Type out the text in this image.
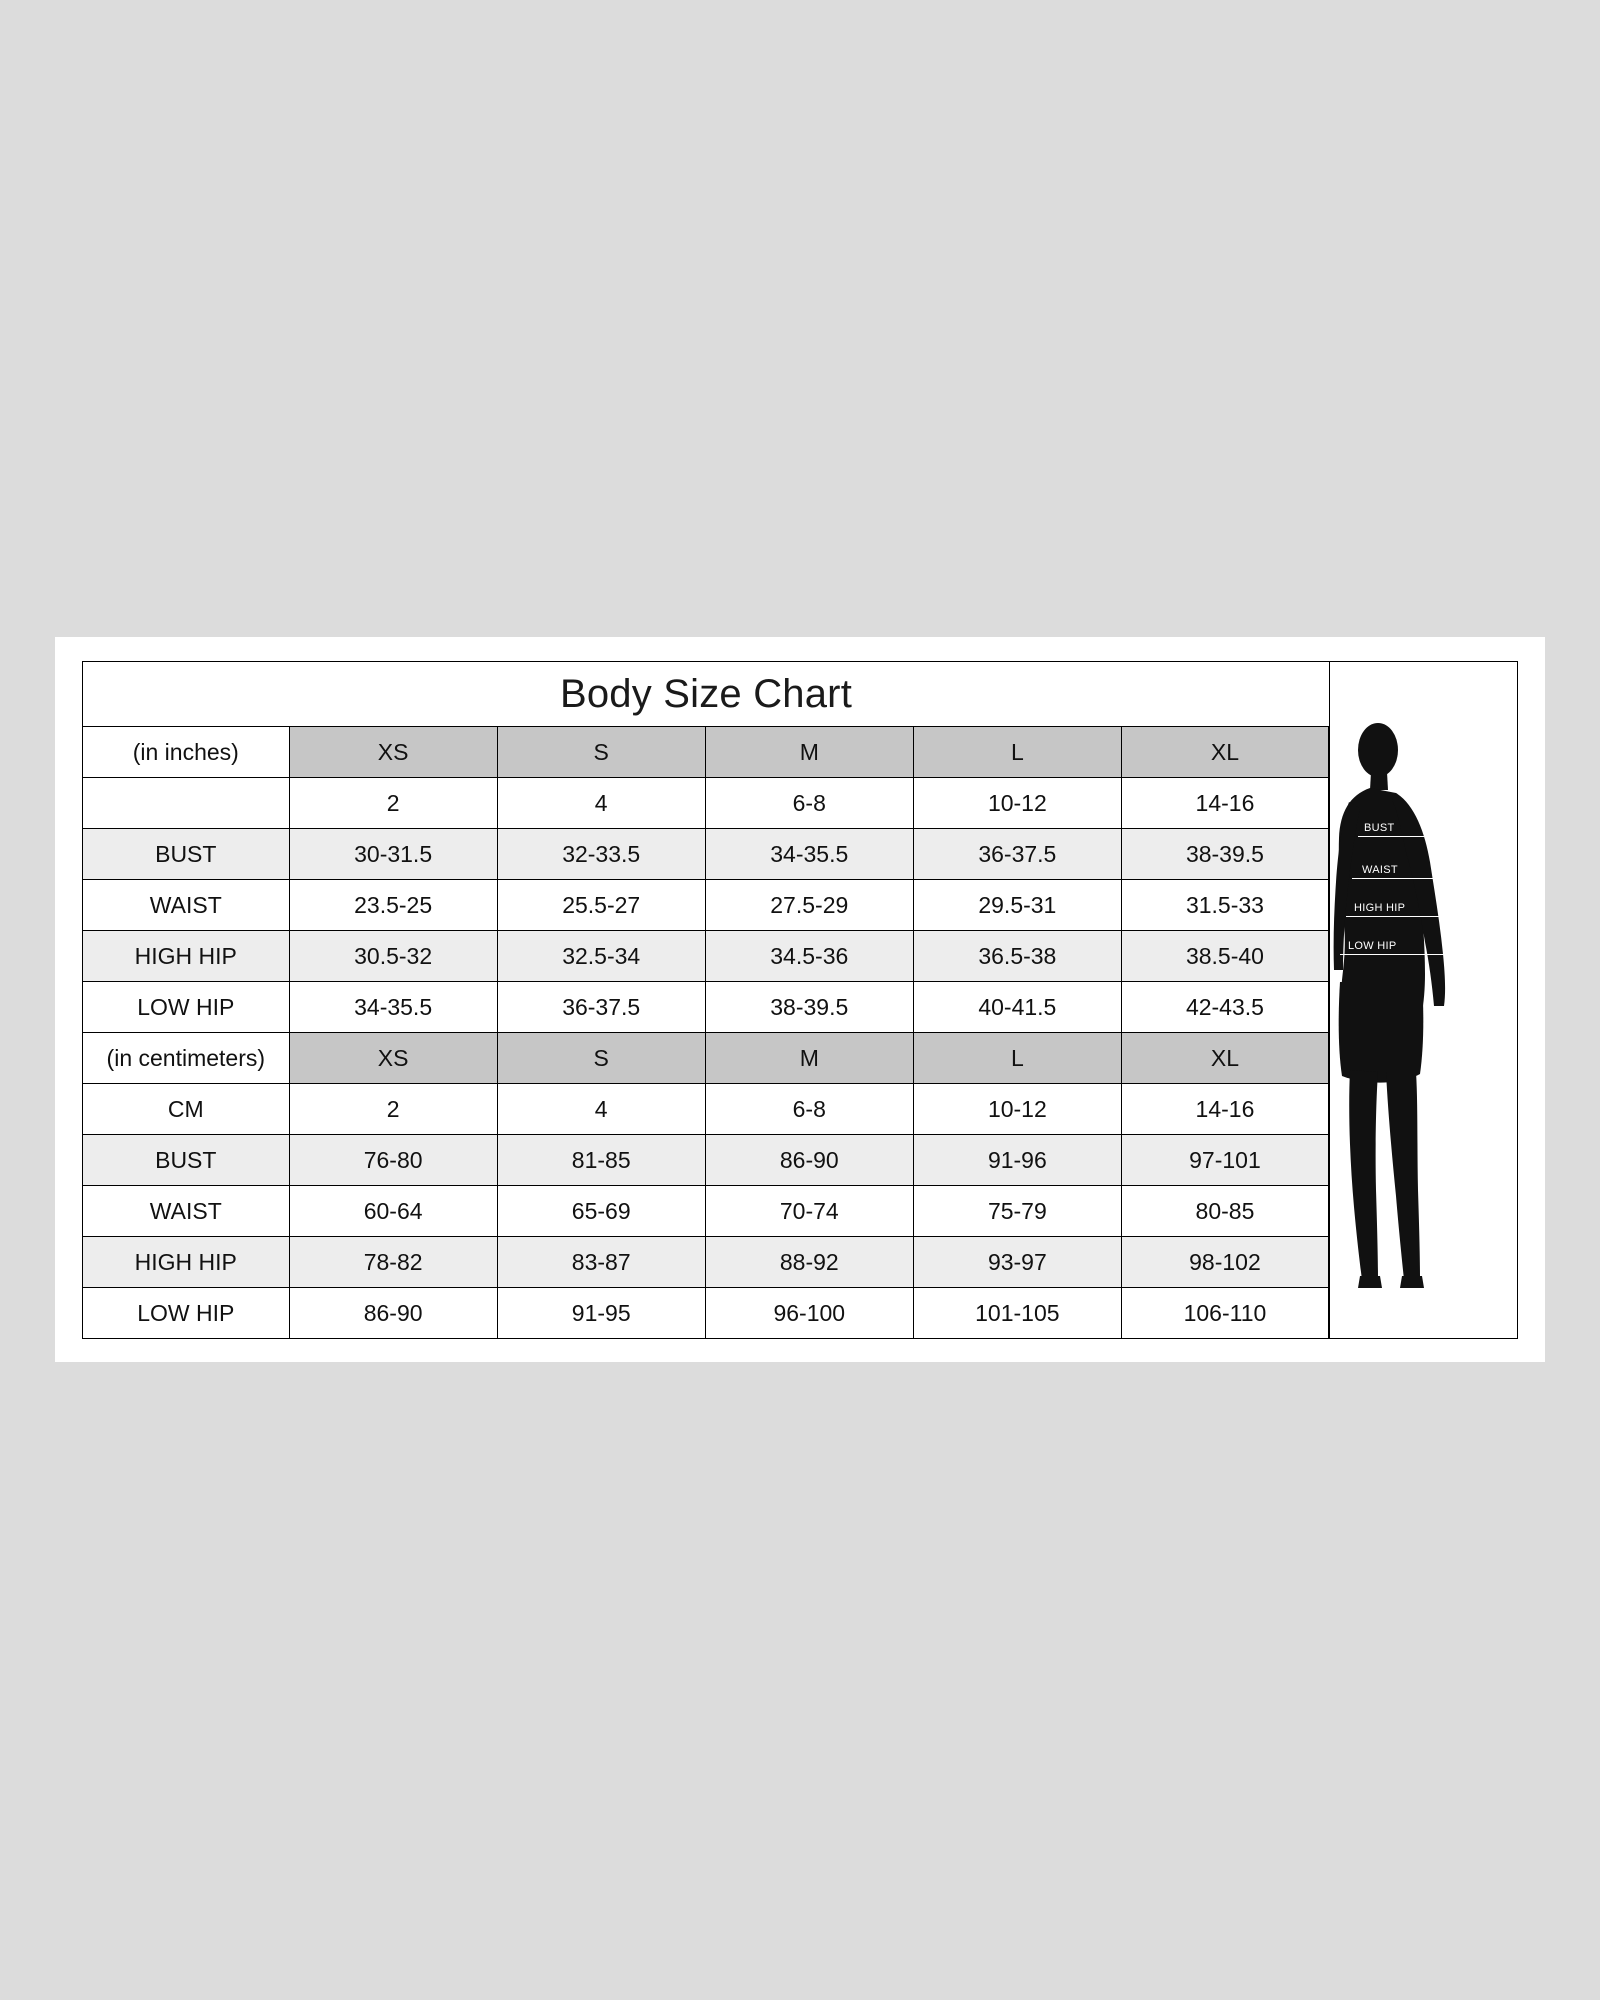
Body Size Chart
(in inches)	XS	S	M	L	XL
	2	4	6-8	10-12	14-16
BUST	30-31.5	32-33.5	34-35.5	36-37.5	38-39.5
WAIST	23.5-25	25.5-27	27.5-29	29.5-31	31.5-33
HIGH HIP	30.5-32	32.5-34	34.5-36	36.5-38	38.5-40
LOW HIP	34-35.5	36-37.5	38-39.5	40-41.5	42-43.5
(in centimeters)	XS	S	M	L	XL
CM	2	4	6-8	10-12	14-16
BUST	76-80	81-85	86-90	91-96	97-101
WAIST	60-64	65-69	70-74	75-79	80-85
HIGH HIP	78-82	83-87	88-92	93-97	98-102
LOW HIP	86-90	91-95	96-100	101-105	106-110
BUST
WAIST
HIGH HIP
LOW HIP
